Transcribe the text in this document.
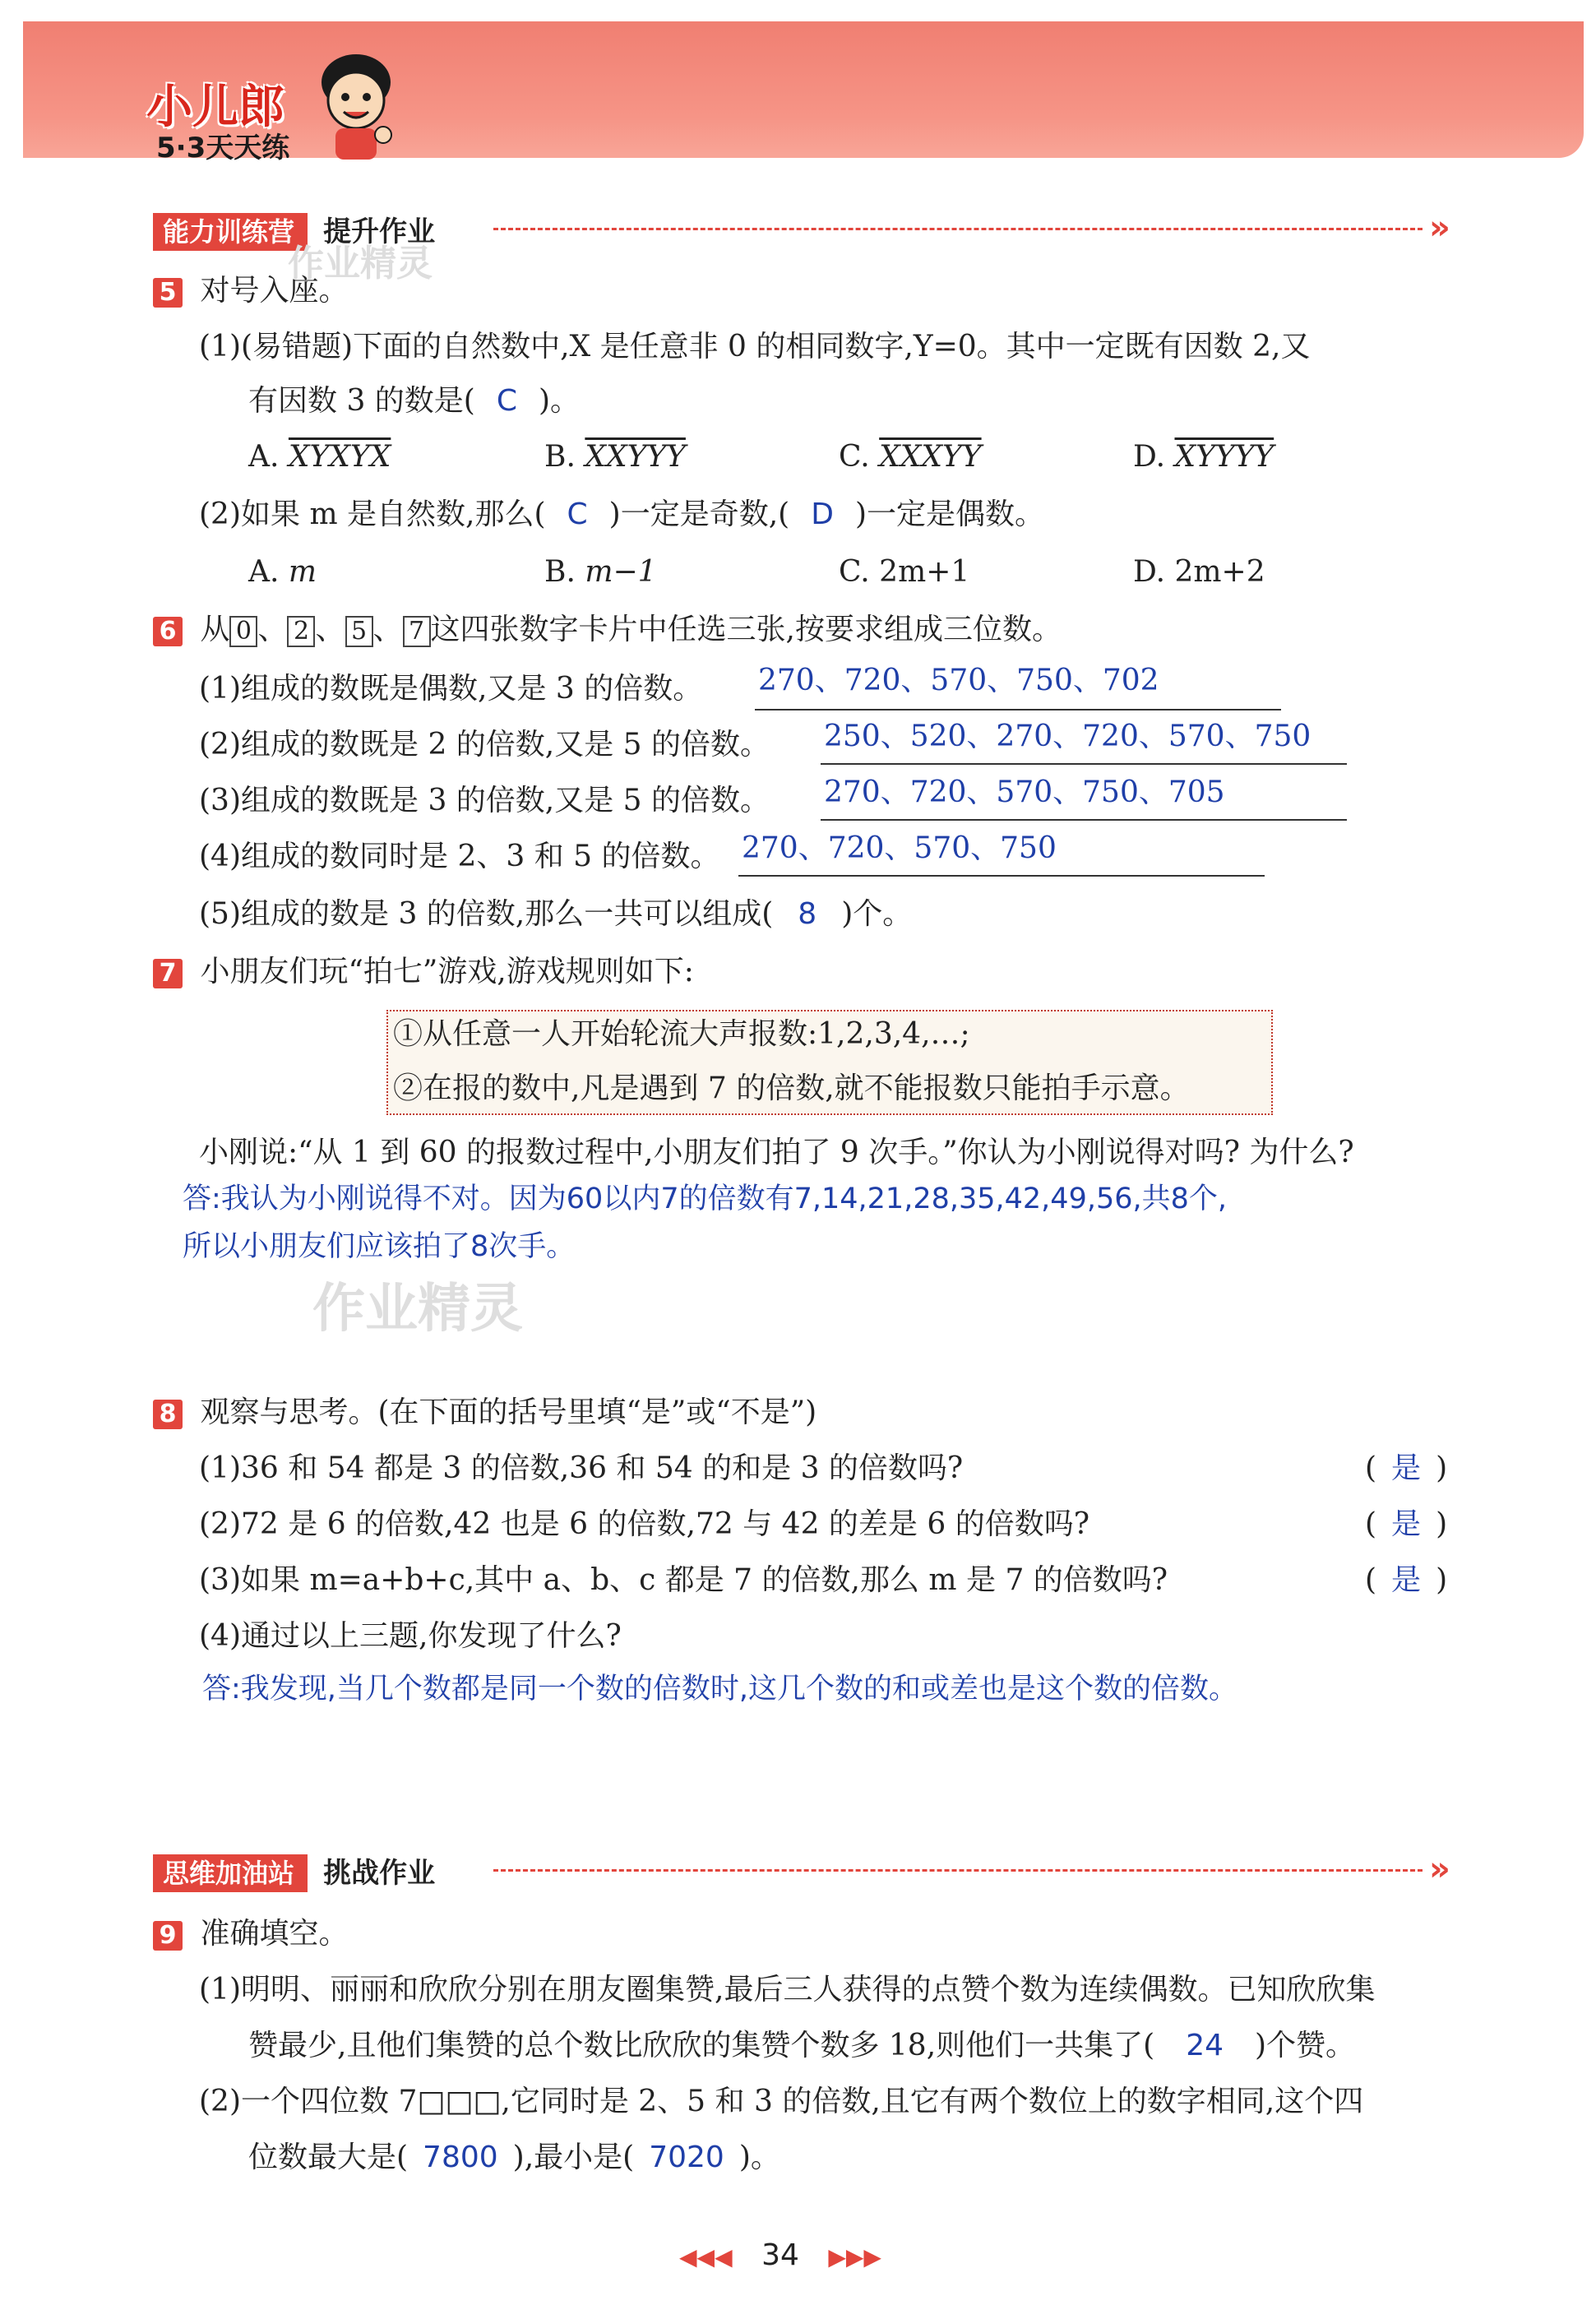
小儿郎
5·3天天练
能力训练营 提升作业	»
作业精灵
5 对号入座。
(1)(易错题)下面的自然数中,X 是任意非 0 的相同数字,Y=0。其中一定既有因数 2,又
有因数 3 的数是( C )。
A. XYXYX	B. XXYYY	C. XXXYY	D. XYYYY
(2)如果 m 是自然数,那么( C )一定是奇数,( D )一定是偶数。
A. m	B. m−1	C. 2m+1	D. 2m+2
6 从 0 、 2 、 5 、 7 这四张数字卡片中任选三张,按要求组成三位数。
(1)组成的数既是偶数,又是 3 的倍数。 270、720、570、750、702
(2)组成的数既是 2 的倍数,又是 5 的倍数。 250、520、270、720、570、750
(3)组成的数既是 3 的倍数,又是 5 的倍数。 270、720、570、750、705
(4)组成的数同时是 2、3 和 5 的倍数。 270、720、570、750
(5)组成的数是 3 的倍数,那么一共可以组成( 8 )个。
7 小朋友们玩“拍七”游戏,游戏规则如下:
①从任意一人开始轮流大声报数:1,2,3,4,…;
②在报的数中,凡是遇到 7 的倍数,就不能报数只能拍手示意。
小刚说:“从 1 到 60 的报数过程中,小朋友们拍了 9 次手。”你认为小刚说得对吗? 为什么?
答:我认为小刚说得不对。因为60以内7的倍数有7,14,21,28,35,42,49,56,共8个,
所以小朋友们应该拍了8次手。
作业精灵
8 观察与思考。(在下面的括号里填“是”或“不是”)
(1)36 和 54 都是 3 的倍数,36 和 54 的和是 3 的倍数吗?	( 是 )
(2)72 是 6 的倍数,42 也是 6 的倍数,72 与 42 的差是 6 的倍数吗?	( 是 )
(3)如果 m=a+b+c,其中 a、b、c 都是 7 的倍数,那么 m 是 7 的倍数吗?	( 是 )
(4)通过以上三题,你发现了什么?
答:我发现,当几个数都是同一个数的倍数时,这几个数的和或差也是这个数的倍数。
思维加油站 挑战作业	»
9 准确填空。
(1)明明、丽丽和欣欣分别在朋友圈集赞,最后三人获得的点赞个数为连续偶数。已知欣欣集
赞最少,且他们集赞的总个数比欣欣的集赞个数多 18,则他们一共集了( 24 )个赞。
(2)一个四位数 7□□□,它同时是 2、5 和 3 的倍数,且它有两个数位上的数字相同,这个四
位数最大是( 7800 ),最小是( 7020 )。
◀◀◀ 34 ▶▶▶
